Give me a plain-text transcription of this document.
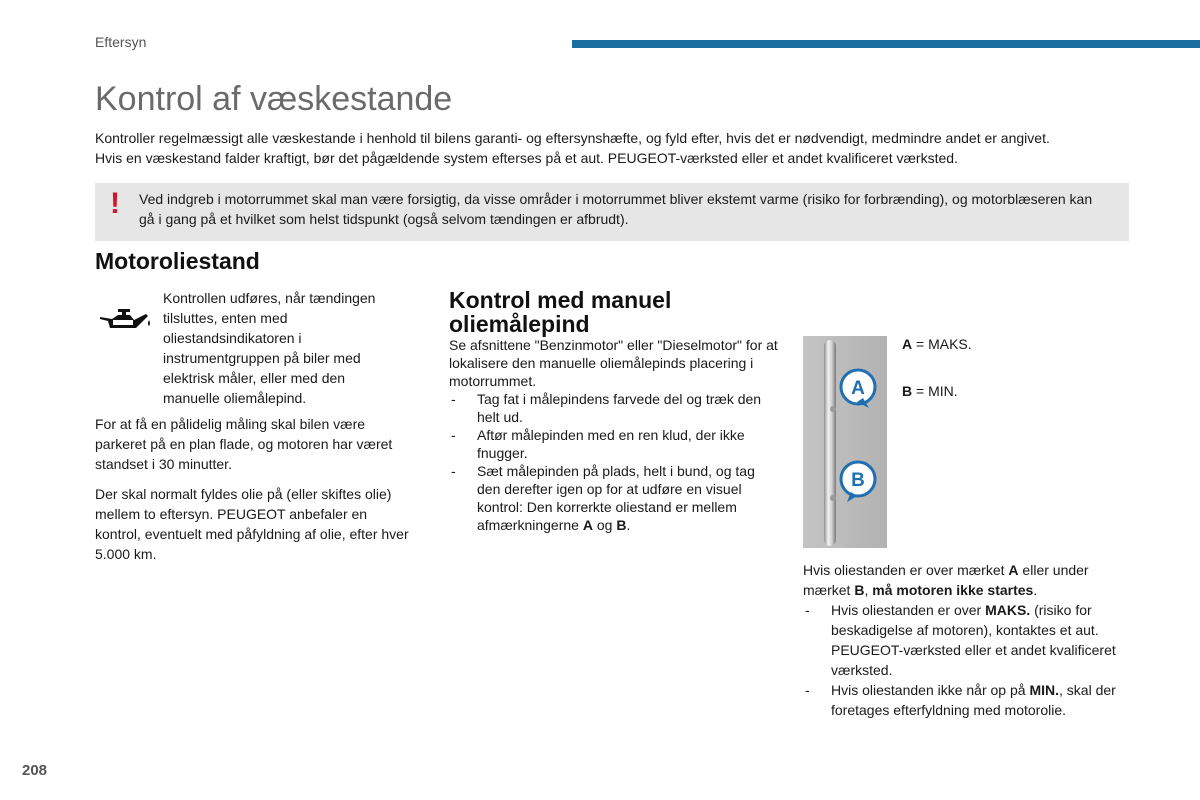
Eftersyn
Kontrol af væskestande

Kontroller regelmæssigt alle væskestande i henhold til bilens garanti- og eftersynshæfte, og fyld efter, hvis det er nødvendigt, medmindre andet er angivet.

Hvis en væskestand falder kraftigt, bør det pågældende system efterses på et aut. PEUGEOT-værksted eller et andet kvalificeret værksted.

! Ved indgreb i motorrummet skal man være forsigtig, da visse områder i motorrummet bliver ekstemt varme (risiko for forbrænding), og motorblæseren kan gå i gang på et hvilket som helst tidspunkt (også selvom tændingen er afbrudt).
Motoroliestand
Kontrollen udføres, når tændingen tilsluttes, enten med oliestandsindikatoren i instrumentgruppen på biler med elektrisk måler, eller med den manuelle oliemålepind.
For at få en pålidelig måling skal bilen være parkeret på en plan flade, og motoren har været standset i 30 minutter.
Der skal normalt fyldes olie på (eller skiftes olie) mellem to eftersyn. PEUGEOT anbefaler en kontrol, eventuelt med påfyldning af olie, efter hver 5.000 km.
Kontrol med manuel oliemålepind

Se afsnittene "Benzinmotor" eller "Dieselmotor" for at lokalisere den manuelle oliemålepinds placering i motorrummet.

- Tag fat i målepindens farvede del og træk den helt ud.
- Aftør målepinden med en ren klud, der ikke fnugger.
- Sæt målepinden på plads, helt i bund, og tag den derefter igen op for at udføre en visuel kontrol: Den korrerkte oliestand er mellem afmærkningerne A og B.
A
B
A = MAKS.
B = MIN.

Hvis oliestanden er over mærket A eller under mærket B, må motoren ikke startes.

- Hvis oliestanden er over MAKS. (risiko for beskadigelse af motoren), kontaktes et aut. PEUGEOT-værksted eller et andet kvalificeret værksted.
- Hvis oliestanden ikke når op på MIN., skal der foretages efterfyldning med motorolie.
208
